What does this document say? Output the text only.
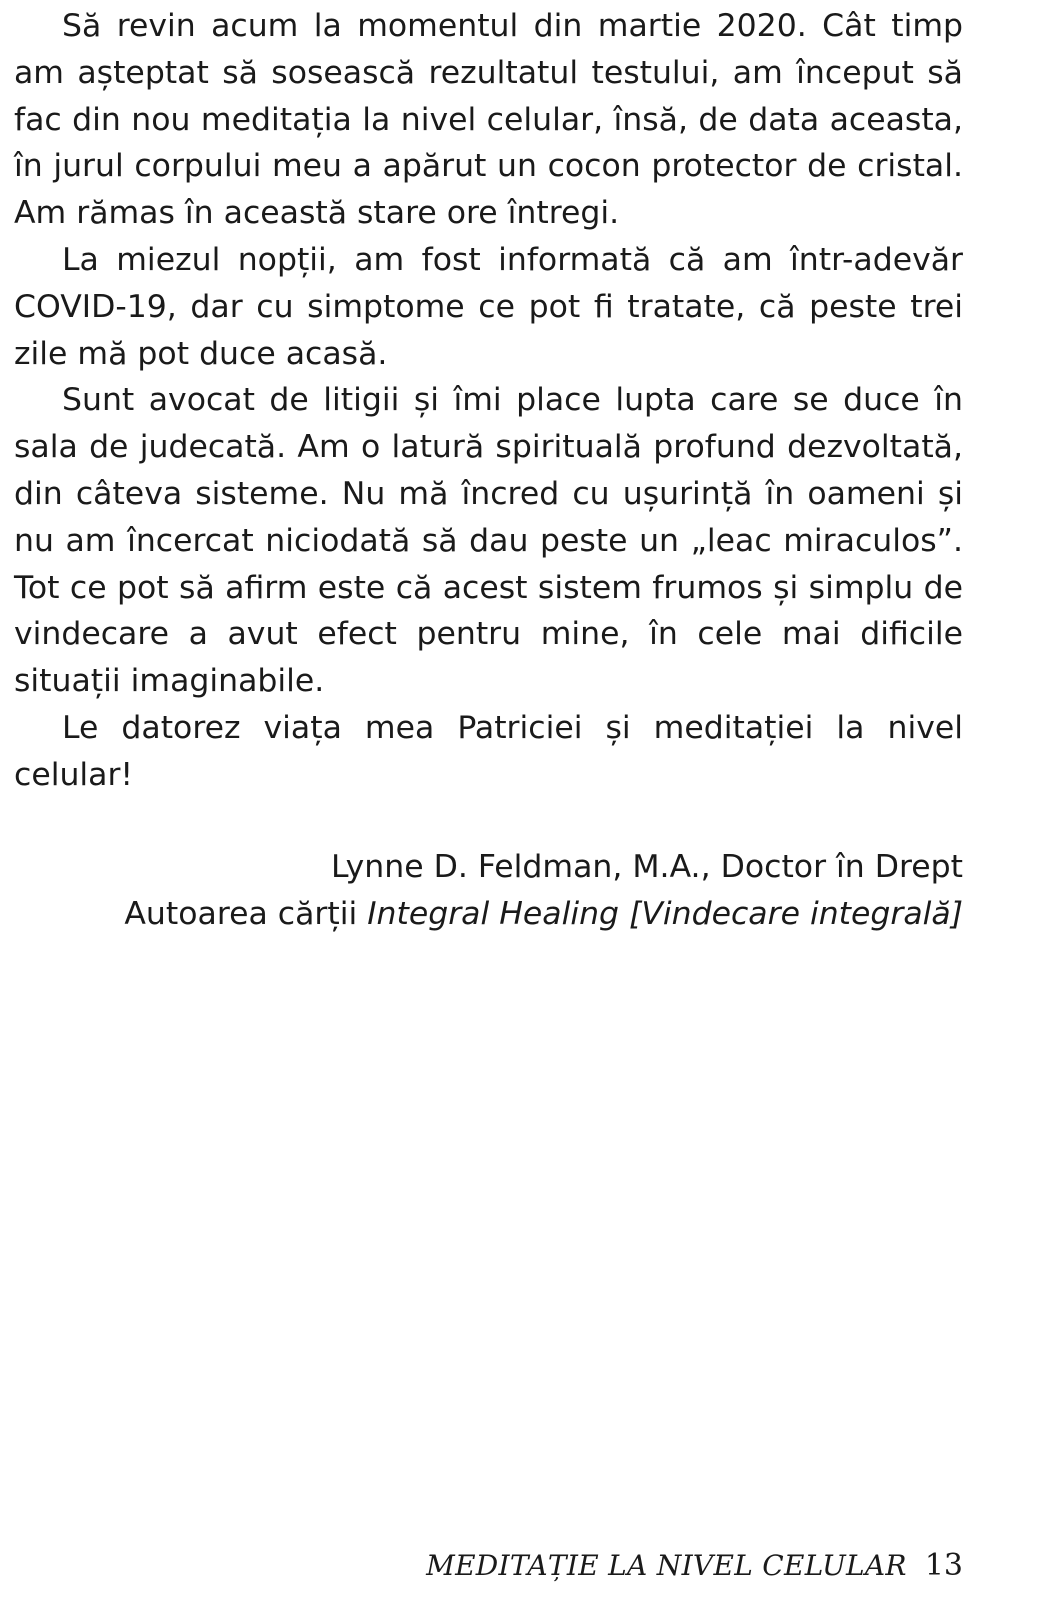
Să revin acum la momentul din martie 2020. Cât timp am așteptat să sosească rezultatul testului, am început să fac din nou meditația la nivel celular, însă, de data aceasta, în jurul corpului meu a apărut un cocon protector de cristal. Am rămas în această stare ore întregi.

La miezul nopții, am fost informată că am într-adevăr COVID-19, dar cu simptome ce pot fi tratate, că peste trei zile mă pot duce acasă.

Sunt avocat de litigii și îmi place lupta care se duce în sala de judecată. Am o latură spirituală profund dezvoltată, din câteva sisteme. Nu mă încred cu ușurință în oameni și nu am încercat niciodată să dau peste un „leac miraculos”. Tot ce pot să afirm este că acest sistem frumos și simplu de vindecare a avut efect pentru mine, în cele mai dificile situații imaginabile.

Le datorez viața mea Patriciei și meditației la nivel celular!

Lynne D. Feldman, M.A., Doctor în Drept
Autoarea cărții Integral Healing [Vindecare integrală]
MEDITAȚIE LA NIVEL CELULAR 13
